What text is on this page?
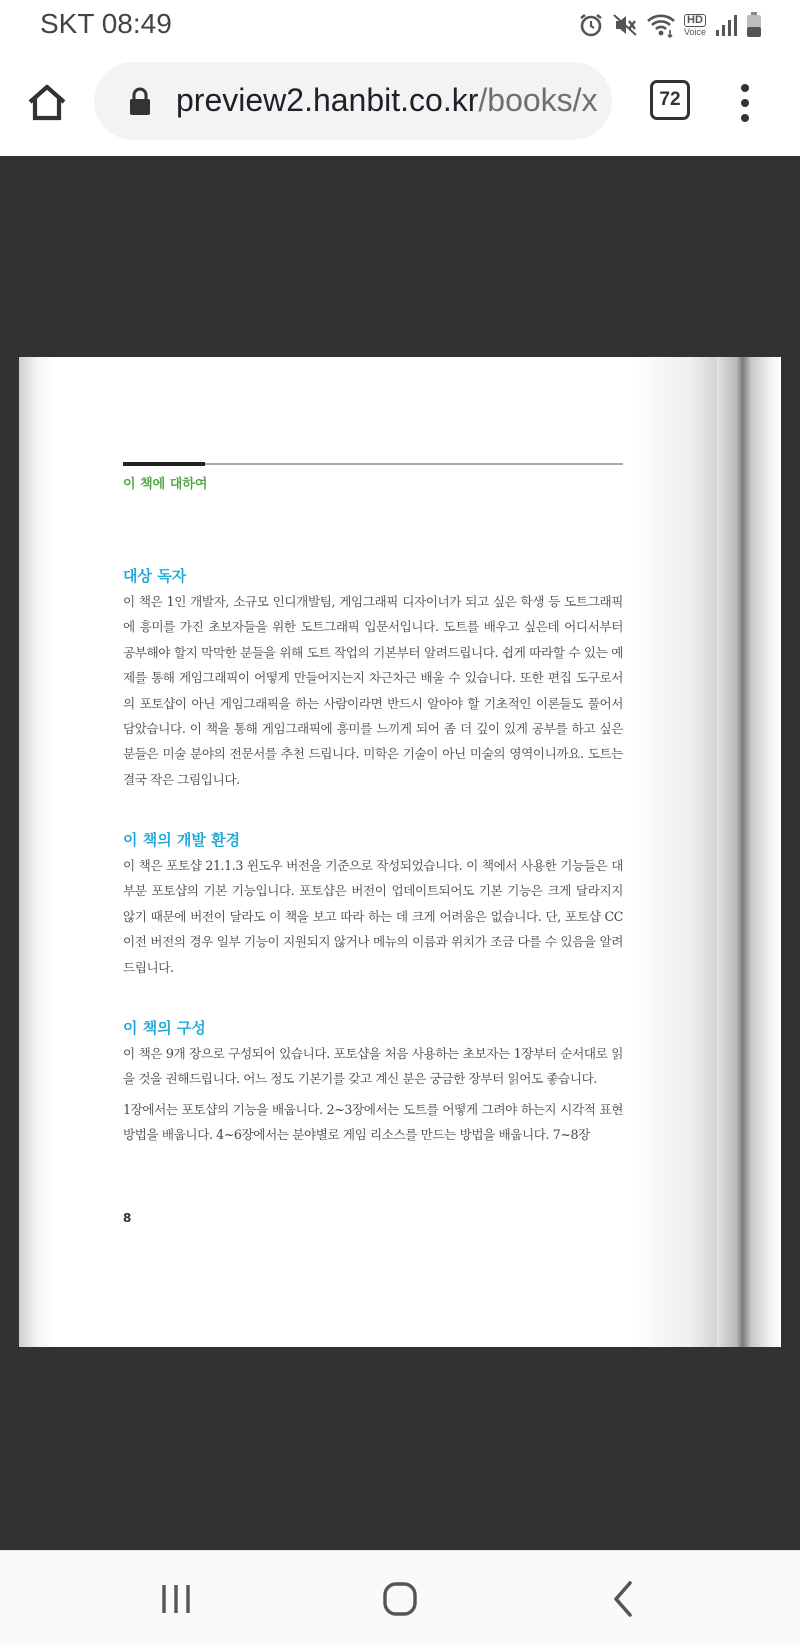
SKT 08:49	HD
Voice
preview2.hanbit.co.kr/books/x	72
이 책에 대하여
대상 독자
이 책은 1인 개발자, 소규모 인디개발팀, 게임그래픽 디자이너가 되고 싶은 학생 등 도트그래픽에 흥미를 가진 초보자들을 위한 도트그래픽 입문서입니다. 도트를 배우고 싶은데 어디서부터 공부해야 할지 막막한 분들을 위해 도트 작업의 기본부터 알려드립니다. 쉽게 따라할 수 있는 예제를 통해 게임그래픽이 어떻게 만들어지는지 차근차근 배울 수 있습니다. 또한 편집 도구로서의 포토샵이 아닌 게임그래픽을 하는 사람이라면 반드시 알아야 할 기초적인 이론들도 풀어서 담았습니다. 이 책을 통해 게임그래픽에 흥미를 느끼게 되어 좀 더 깊이 있게 공부를 하고 싶은 분들은 미술 분야의 전문서를 추천 드립니다. 미학은 기술이 아닌 미술의 영역이니까요. 도트는 결국 작은 그림입니다.
이 책의 개발 환경
이 책은 포토샵 21.1.3 윈도우 버전을 기준으로 작성되었습니다. 이 책에서 사용한 기능들은 대부분 포토샵의 기본 기능입니다. 포토샵은 버전이 업데이트되어도 기본 기능은 크게 달라지지 않기 때문에 버전이 달라도 이 책을 보고 따라 하는 데 크게 어려움은 없습니다. 단, 포토샵 CC 이전 버전의 경우 일부 기능이 지원되지 않거나 메뉴의 이름과 위치가 조금 다를 수 있음을 알려드립니다.
이 책의 구성
이 책은 9개 장으로 구성되어 있습니다. 포토샵을 처음 사용하는 초보자는 1장부터 순서대로 읽을 것을 권해드립니다. 어느 정도 기본기를 갖고 계신 분은 궁금한 장부터 읽어도 좋습니다.
1장에서는 포토샵의 기능을 배웁니다. 2~3장에서는 도트를 어떻게 그려야 하는지 시각적 표현 방법을 배웁니다. 4~6장에서는 분야별로 게임 리소스를 만드는 방법을 배웁니다. 7~8장
8
